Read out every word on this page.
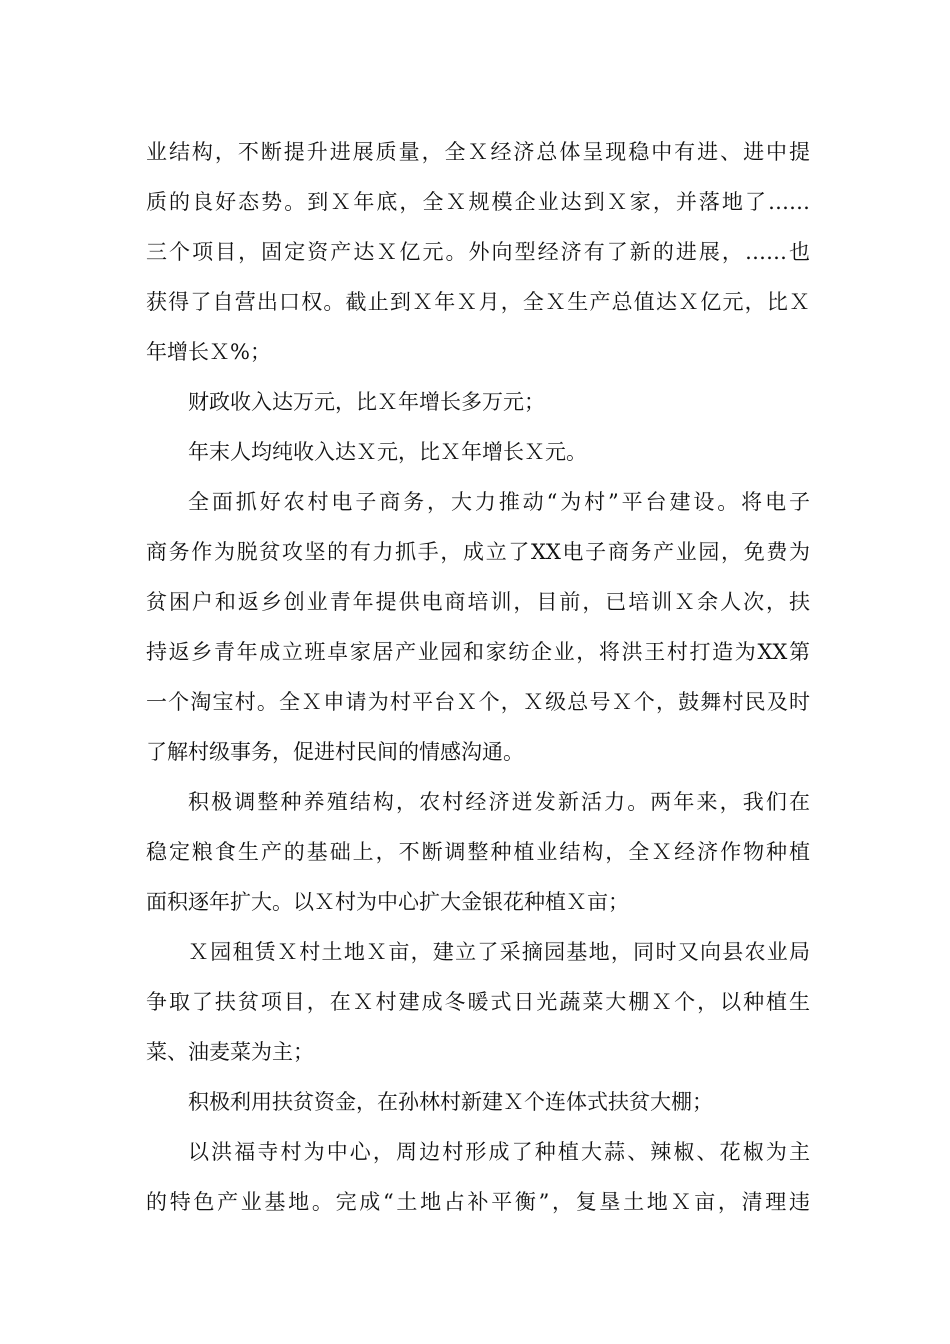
业结构，不断提升进展质量，全Ｘ经济总体呈现稳中有进、进中提
质的良好态势。到Ｘ年底，全Ｘ规模企业达到Ｘ家，并落地了……
三个项目，固定资产达Ｘ亿元。外向型经济有了新的进展，……也
获得了自营出口权。截止到Ｘ年Ｘ月，全Ｘ生产总值达Ｘ亿元，比Ｘ
年增长Ｘ%；
财政收入达万元，比Ｘ年增长多万元；
年末人均纯收入达Ｘ元，比Ｘ年增长Ｘ元。
全面抓好农村电子商务，大力推动“为村”平台建设。将电子
商务作为脱贫攻坚的有力抓手，成立了XX电子商务产业园，免费为
贫困户和返乡创业青年提供电商培训，目前，已培训Ｘ余人次，扶
持返乡青年成立班卓家居产业园和家纺企业，将洪王村打造为XX第
一个淘宝村。全Ｘ申请为村平台Ｘ个，Ｘ级总号Ｘ个，鼓舞村民及时
了解村级事务，促进村民间的情感沟通。
积极调整种养殖结构，农村经济迸发新活力。两年来，我们在
稳定粮食生产的基础上，不断调整种植业结构，全Ｘ经济作物种植
面积逐年扩大。以Ｘ村为中心扩大金银花种植Ｘ亩；
Ｘ园租赁Ｘ村土地Ｘ亩，建立了采摘园基地，同时又向县农业局
争取了扶贫项目，在Ｘ村建成冬暖式日光蔬菜大棚Ｘ个，以种植生
菜、油麦菜为主；
积极利用扶贫资金，在孙林村新建Ｘ个连体式扶贫大棚；
以洪福寺村为中心，周边村形成了种植大蒜、辣椒、花椒为主
的特色产业基地。完成“土地占补平衡”，复垦土地Ｘ亩，清理违
